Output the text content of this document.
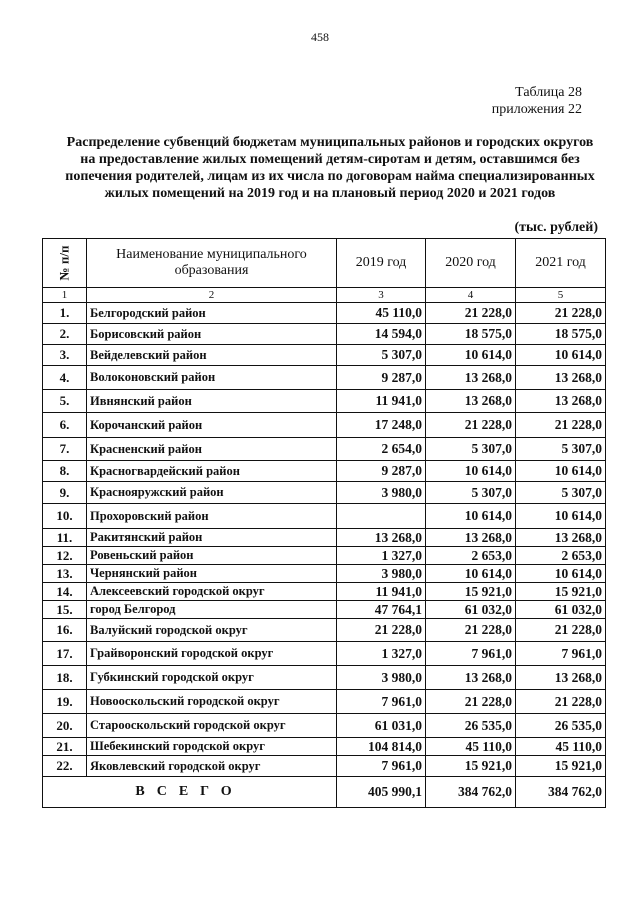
458
Таблица 28
приложения 22
Распределение субвенций бюджетам муниципальных районов и городских округов на предоставление жилых помещений детям-сиротам и детям, оставшимся без попечения родителей, лицам из их числа по договорам найма специализированных жилых помещений на 2019 год и на плановый период 2020 и 2021 годов
(тыс. рублей)
№ п/п	Наименование муниципального образования	2019 год	2020 год	2021 год
1	2	3	4	5
1.	Белгородский район	45 110,0	21 228,0	21 228,0
2.	Борисовский район	14 594,0	18 575,0	18 575,0
3.	Вейделевский район	5 307,0	10 614,0	10 614,0
4.	Волоконовский район	9 287,0	13 268,0	13 268,0
5.	Ивнянский район	11 941,0	13 268,0	13 268,0
6.	Корочанский район	17 248,0	21 228,0	21 228,0
7.	Красненский район	2 654,0	5 307,0	5 307,0
8.	Красногвардейский район	9 287,0	10 614,0	10 614,0
9.	Краснояружский район	3 980,0	5 307,0	5 307,0
10.	Прохоровский район		10 614,0	10 614,0
11.	Ракитянский район	13 268,0	13 268,0	13 268,0
12.	Ровеньский район	1 327,0	2 653,0	2 653,0
13.	Чернянский район	3 980,0	10 614,0	10 614,0
14.	Алексеевский городской округ	11 941,0	15 921,0	15 921,0
15.	город Белгород	47 764,1	61 032,0	61 032,0
16.	Валуйский городской округ	21 228,0	21 228,0	21 228,0
17.	Грайворонский городской округ	1 327,0	7 961,0	7 961,0
18.	Губкинский городской округ	3 980,0	13 268,0	13 268,0
19.	Новооскольский городской округ	7 961,0	21 228,0	21 228,0
20.	Старооскольский городской округ	61 031,0	26 535,0	26 535,0
21.	Шебекинский городской округ	104 814,0	45 110,0	45 110,0
22.	Яковлевский городской округ	7 961,0	15 921,0	15 921,0
ВСЕГО		405 990,1	384 762,0	384 762,0
